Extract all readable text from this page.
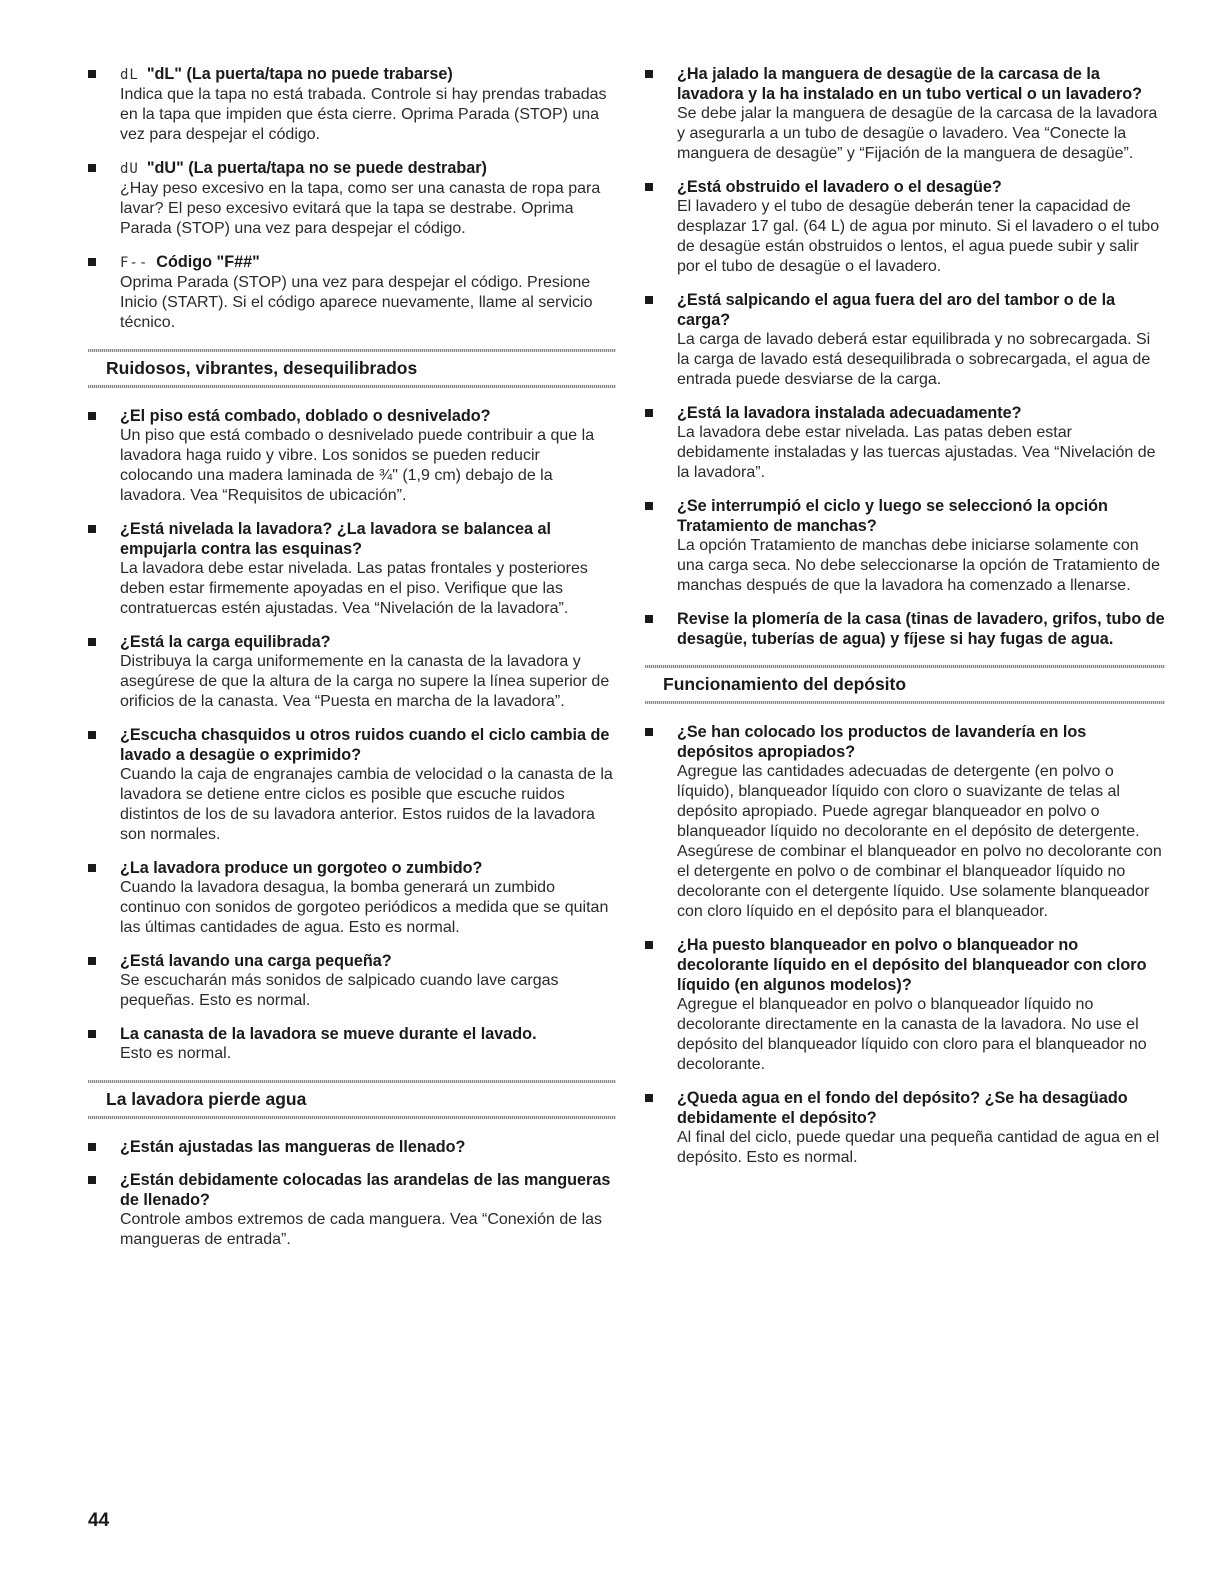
dL "dL" (La puerta/tapa no puede trabarse)

Indica que la tapa no está trabada. Controle si hay prendas trabadas en la tapa que impiden que ésta cierre. Oprima Parada (STOP) una vez para despejar el código.

dU "dU" (La puerta/tapa no se puede destrabar)

¿Hay peso excesivo en la tapa, como ser una canasta de ropa para lavar? El peso excesivo evitará que la tapa se destrabe. Oprima Parada (STOP) una vez para despejar el código.

F-- Código "F##"

Oprima Parada (STOP) una vez para despejar el código. Presione Inicio (START). Si el código aparece nuevamente, llame al servicio técnico.

Ruidosos, vibrantes, desequilibrados

¿El piso está combado, doblado o desnivelado?

Un piso que está combado o desnivelado puede contribuir a que la lavadora haga ruido y vibre. Los sonidos se pueden reducir colocando una madera laminada de ¾" (1,9 cm) debajo de la lavadora. Vea “Requisitos de ubicación”.

¿Está nivelada la lavadora? ¿La lavadora se balancea al empujarla contra las esquinas?

La lavadora debe estar nivelada. Las patas frontales y posteriores deben estar firmemente apoyadas en el piso. Verifique que las contratuercas estén ajustadas. Vea “Nivelación de la lavadora”.

¿Está la carga equilibrada?

Distribuya la carga uniformemente en la canasta de la lavadora y asegúrese de que la altura de la carga no supere la línea superior de orificios de la canasta. Vea “Puesta en marcha de la lavadora”.

¿Escucha chasquidos u otros ruidos cuando el ciclo cambia de lavado a desagüe o exprimido?

Cuando la caja de engranajes cambia de velocidad o la canasta de la lavadora se detiene entre ciclos es posible que escuche ruidos distintos de los de su lavadora anterior. Estos ruidos de la lavadora son normales.

¿La lavadora produce un gorgoteo o zumbido?

Cuando la lavadora desagua, la bomba generará un zumbido continuo con sonidos de gorgoteo periódicos a medida que se quitan las últimas cantidades de agua. Esto es normal.

¿Está lavando una carga pequeña?

Se escucharán más sonidos de salpicado cuando lave cargas pequeñas. Esto es normal.

La canasta de la lavadora se mueve durante el lavado.

Esto es normal.

La lavadora pierde agua

¿Están ajustadas las mangueras de llenado?

¿Están debidamente colocadas las arandelas de las mangueras de llenado?

Controle ambos extremos de cada manguera. Vea “Conexión de las mangueras de entrada”.

¿Ha jalado la manguera de desagüe de la carcasa de la lavadora y la ha instalado en un tubo vertical o un lavadero?

Se debe jalar la manguera de desagüe de la carcasa de la lavadora y asegurarla a un tubo de desagüe o lavadero. Vea “Conecte la manguera de desagüe” y “Fijación de la manguera de desagüe”.

¿Está obstruido el lavadero o el desagüe?

El lavadero y el tubo de desagüe deberán tener la capacidad de desplazar 17 gal. (64 L) de agua por minuto. Si el lavadero o el tubo de desagüe están obstruidos o lentos, el agua puede subir y salir por el tubo de desagüe o el lavadero.

¿Está salpicando el agua fuera del aro del tambor o de la carga?

La carga de lavado deberá estar equilibrada y no sobrecargada. Si la carga de lavado está desequilibrada o sobrecargada, el agua de entrada puede desviarse de la carga.

¿Está la lavadora instalada adecuadamente?

La lavadora debe estar nivelada. Las patas deben estar debidamente instaladas y las tuercas ajustadas. Vea “Nivelación de la lavadora”.

¿Se interrumpió el ciclo y luego se seleccionó la opción Tratamiento de manchas?

La opción Tratamiento de manchas debe iniciarse solamente con una carga seca. No debe seleccionarse la opción de Tratamiento de manchas después de que la lavadora ha comenzado a llenarse.

Revise la plomería de la casa (tinas de lavadero, grifos, tubo de desagüe, tuberías de agua) y fíjese si hay fugas de agua.

Funcionamiento del depósito

¿Se han colocado los productos de lavandería en los depósitos apropiados?

Agregue las cantidades adecuadas de detergente (en polvo o líquido), blanqueador líquido con cloro o suavizante de telas al depósito apropiado. Puede agregar blanqueador en polvo o blanqueador líquido no decolorante en el depósito de detergente. Asegúrese de combinar el blanqueador en polvo no decolorante con el detergente en polvo o de combinar el blanqueador líquido no decolorante con el detergente líquido. Use solamente blanqueador con cloro líquido en el depósito para el blanqueador.

¿Ha puesto blanqueador en polvo o blanqueador no decolorante líquido en el depósito del blanqueador con cloro líquido (en algunos modelos)?

Agregue el blanqueador en polvo o blanqueador líquido no decolorante directamente en la canasta de la lavadora. No use el depósito del blanqueador líquido con cloro para el blanqueador no decolorante.

¿Queda agua en el fondo del depósito? ¿Se ha desagüado debidamente el depósito?

Al final del ciclo, puede quedar una pequeña cantidad de agua en el depósito. Esto es normal.

44
